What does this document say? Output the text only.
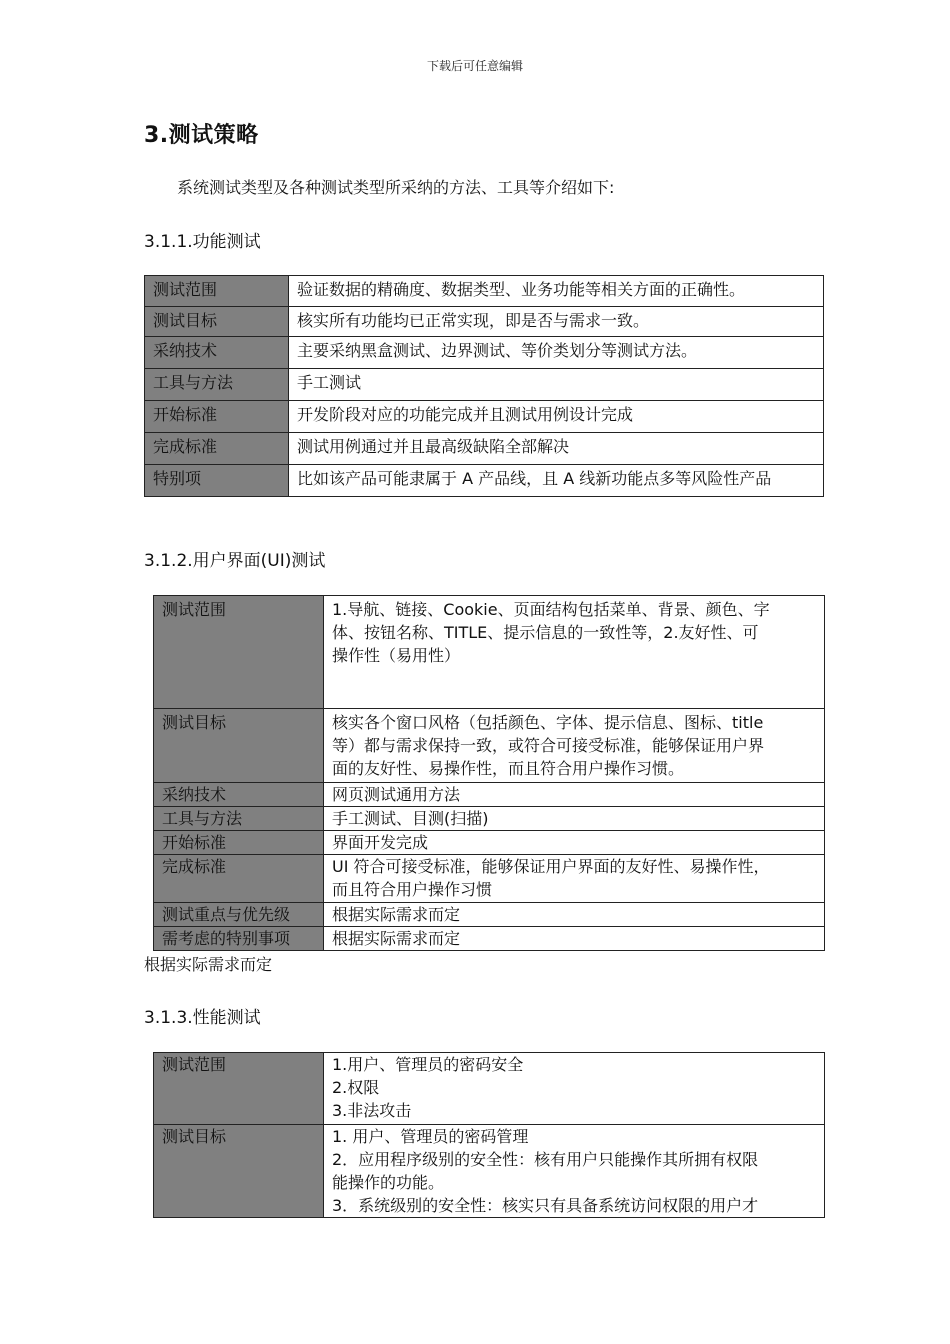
下载后可任意编辑
3.测试策略
系统测试类型及各种测试类型所采纳的方法、工具等介绍如下:
3.1.1.功能测试
测试范围	验证数据的精确度、数据类型、业务功能等相关方面的正确性。
测试目标	核实所有功能均已正常实现，即是否与需求一致。
采纳技术	主要采纳黑盒测试、边界测试、等价类划分等测试方法。
工具与方法	手工测试
开始标准	开发阶段对应的功能完成并且测试用例设计完成
完成标准	测试用例通过并且最高级缺陷全部解决
特别项	比如该产品可能隶属于 A 产品线，且 A 线新功能点多等风险性产品
3.1.2.用户界面(UI)测试
测试范围	1.导航、链接、Cookie、页面结构包括菜单、背景、颜色、字
体、按钮名称、TITLE、提示信息的一致性等，2.友好性、可
操作性（易用性）
测试目标	核实各个窗口风格（包括颜色、字体、提示信息、图标、title
等）都与需求保持一致，或符合可接受标准，能够保证用户界
面的友好性、易操作性，而且符合用户操作习惯。
采纳技术	网页测试通用方法
工具与方法	手工测试、目测(扫描)
开始标准	界面开发完成
完成标准	UI 符合可接受标准，能够保证用户界面的友好性、易操作性，
而且符合用户操作习惯
测试重点与优先级	根据实际需求而定
需考虑的特别事项	根据实际需求而定
根据实际需求而定
3.1.3.性能测试
测试范围	1.用户、管理员的密码安全
2.权限
3.非法攻击
测试目标	1. 用户、管理员的密码管理
2．应用程序级别的安全性：核有用户只能操作其所拥有权限
能操作的功能。
3．系统级别的安全性：核实只有具备系统访问权限的用户才
